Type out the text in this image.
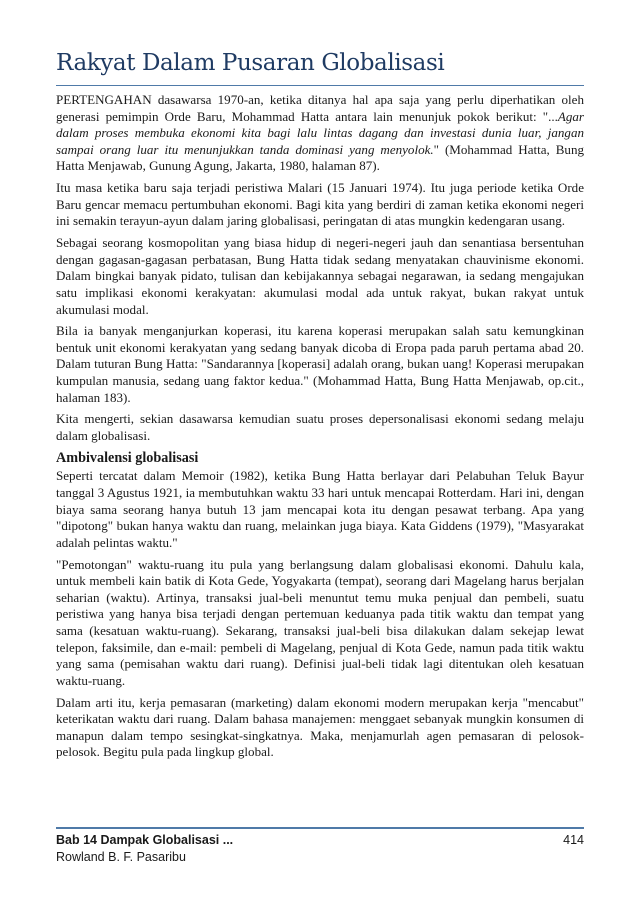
Rakyat Dalam Pusaran Globalisasi

PERTENGAHAN dasawarsa 1970-an, ketika ditanya hal apa saja yang perlu diperhatikan oleh generasi pemimpin Orde Baru, Mohammad Hatta antara lain menunjuk pokok berikut: "...Agar dalam proses membuka ekonomi kita bagi lalu lintas dagang dan investasi dunia luar, jangan sampai orang luar itu menunjukkan tanda dominasi yang menyolok." (Mohammad Hatta, Bung Hatta Menjawab, Gunung Agung, Jakarta, 1980, halaman 87).

Itu masa ketika baru saja terjadi peristiwa Malari (15 Januari 1974). Itu juga periode ketika Orde Baru gencar memacu pertumbuhan ekonomi. Bagi kita yang berdiri di zaman ketika ekonomi negeri ini semakin terayun-ayun dalam jaring globalisasi, peringatan di atas mungkin kedengaran usang.

Sebagai seorang kosmopolitan yang biasa hidup di negeri-negeri jauh dan senantiasa bersentuhan dengan gagasan-gagasan perbatasan, Bung Hatta tidak sedang menyatakan chauvinisme ekonomi. Dalam bingkai banyak pidato, tulisan dan kebijakannya sebagai negarawan, ia sedang mengajukan satu implikasi ekonomi kerakyatan: akumulasi modal ada untuk rakyat, bukan rakyat untuk akumulasi modal.

Bila ia banyak menganjurkan koperasi, itu karena koperasi merupakan salah satu kemungkinan bentuk unit ekonomi kerakyatan yang sedang banyak dicoba di Eropa pada paruh pertama abad 20. Dalam tuturan Bung Hatta: "Sandarannya [koperasi] adalah orang, bukan uang! Koperasi merupakan kumpulan manusia, sedang uang faktor kedua." (Mohammad Hatta, Bung Hatta Menjawab, op.cit., halaman 183).

Kita mengerti, sekian dasawarsa kemudian suatu proses depersonalisasi ekonomi sedang melaju dalam globalisasi.

Ambivalensi globalisasi

Seperti tercatat dalam Memoir (1982), ketika Bung Hatta berlayar dari Pelabuhan Teluk Bayur tanggal 3 Agustus 1921, ia membutuhkan waktu 33 hari untuk mencapai Rotterdam. Hari ini, dengan biaya sama seorang hanya butuh 13 jam mencapai kota itu dengan pesawat terbang. Apa yang "dipotong" bukan hanya waktu dan ruang, melainkan juga biaya. Kata Giddens (1979), "Masyarakat adalah pelintas waktu."

"Pemotongan" waktu-ruang itu pula yang berlangsung dalam globalisasi ekonomi. Dahulu kala, untuk membeli kain batik di Kota Gede, Yogyakarta (tempat), seorang dari Magelang harus berjalan seharian (waktu). Artinya, transaksi jual-beli menuntut temu muka penjual dan pembeli, suatu peristiwa yang hanya bisa terjadi dengan pertemuan keduanya pada titik waktu dan tempat yang sama (kesatuan waktu-ruang). Sekarang, transaksi jual-beli bisa dilakukan dalam sekejap lewat telepon, faksimile, dan e-mail: pembeli di Magelang, penjual di Kota Gede, namun pada titik waktu yang sama (pemisahan waktu dari ruang). Definisi jual-beli tidak lagi ditentukan oleh kesatuan waktu-ruang.

Dalam arti itu, kerja pemasaran (marketing) dalam ekonomi modern merupakan kerja "mencabut" keterikatan waktu dari ruang. Dalam bahasa manajemen: menggaet sebanyak mungkin konsumen di manapun dalam tempo sesingkat-singkatnya. Maka, menjamurlah agen pemasaran di pelosok-pelosok. Begitu pula pada lingkup global.

Bab 14 Dampak Globalisasi ...
Rowland B. F. Pasaribu
414
